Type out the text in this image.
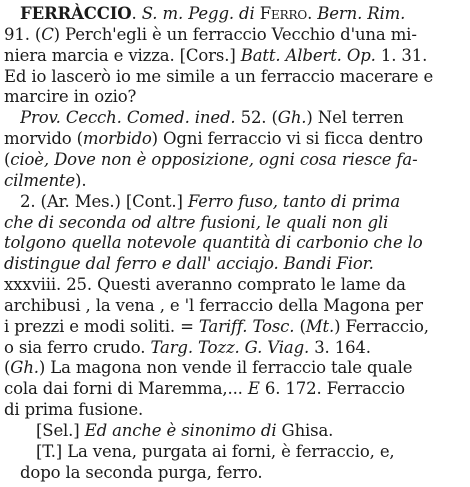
FERRÀCCIO. S. m. Pegg. di Ferro. Bern. Rim.
91. (C) Perch'egli è un ferraccio Vecchio d'una mi-
niera marcia e vizza. [Cors.] Batt. Albert. Op. 1. 31.
Ed io lascerò io me simile a un ferraccio macerare e
marcire in ozio?
Prov. Cecch. Comed. ined. 52. (Gh.) Nel terren
morvido (morbido) Ogni ferraccio vi si ficca dentro
(cioè, Dove non è opposizione, ogni cosa riesce fa-
cilmente).
2. (Ar. Mes.) [Cont.] Ferro fuso, tanto di prima
che di seconda od altre fusioni, le quali non gli
tolgono quella notevole quantità di carbonio che lo
distingue dal ferro e dall' acciajo. Bandi Fior.
xxxviii. 25. Questi averanno comprato le lame da
archibusi , la vena , e 'l ferraccio della Magona per
i prezzi e modi soliti. = Tariff. Tosc. (Mt.) Ferraccio,
o sia ferro crudo. Targ. Tozz. G. Viag. 3. 164.
(Gh.) La magona non vende il ferraccio tale quale
cola dai forni di Maremma,... E 6. 172. Ferraccio
di prima fusione.
[Sel.] Ed anche è sinonimo di Ghisa.
[T.] La vena, purgata ai forni, è ferraccio, e,
dopo la seconda purga, ferro.
